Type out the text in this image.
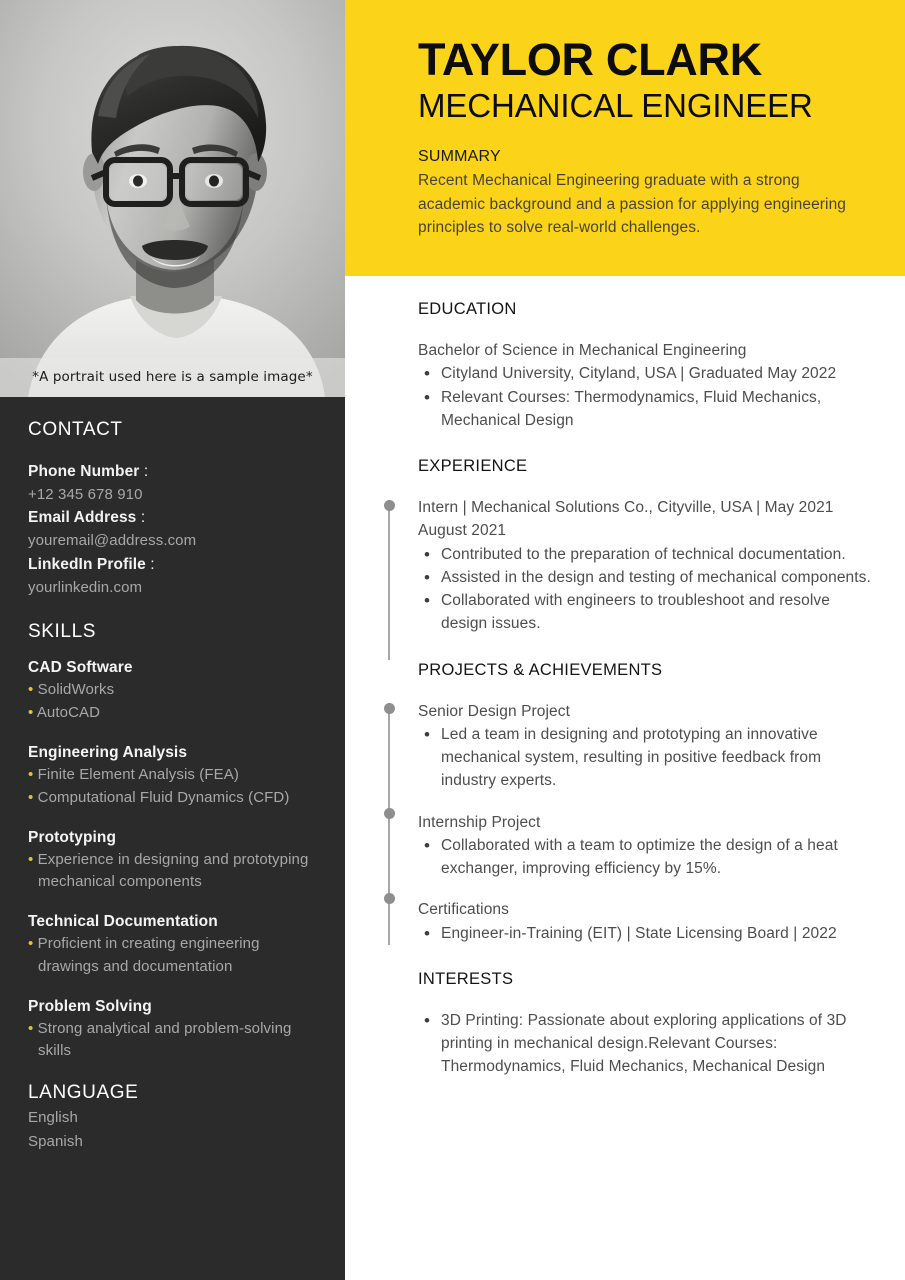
*A portrait used here is a sample image*
CONTACT
Phone Number :
+12 345 678 910
Email Address :
youremail@address.com
LinkedIn Profile :
yourlinkedin.com
SKILLS
CAD Software
• SolidWorks
• AutoCAD
Engineering Analysis
• Finite Element Analysis (FEA)
• Computational Fluid Dynamics (CFD)
Prototyping
• Experience in designing and prototyping mechanical components
Technical Documentation
• Proficient in creating engineering drawings and documentation
Problem Solving
• Strong analytical and problem-solving skills
LANGUAGE
English
Spanish
TAYLOR CLARK
MECHANICAL ENGINEER
SUMMARY
Recent Mechanical Engineering graduate with a strong academic background and a passion for applying engineering principles to solve real-world challenges.
EDUCATION
Bachelor of Science in Mechanical Engineering
• Cityland University, Cityland, USA | Graduated May 2022
• Relevant Courses: Thermodynamics, Fluid Mechanics, Mechanical Design
EXPERIENCE
Intern | Mechanical Solutions Co., Cityville, USA | May 2021 August 2021
• Contributed to the preparation of technical documentation.
• Assisted in the design and testing of mechanical components.
• Collaborated with engineers to troubleshoot and resolve design issues.
PROJECTS & ACHIEVEMENTS
Senior Design Project
• Led a team in designing and prototyping an innovative mechanical system, resulting in positive feedback from industry experts.
Internship Project
• Collaborated with a team to optimize the design of a heat exchanger, improving efficiency by 15%.
Certifications
• Engineer-in-Training (EIT) | State Licensing Board | 2022
INTERESTS
• 3D Printing: Passionate about exploring applications of 3D printing in mechanical design.Relevant Courses: Thermodynamics, Fluid Mechanics, Mechanical Design
